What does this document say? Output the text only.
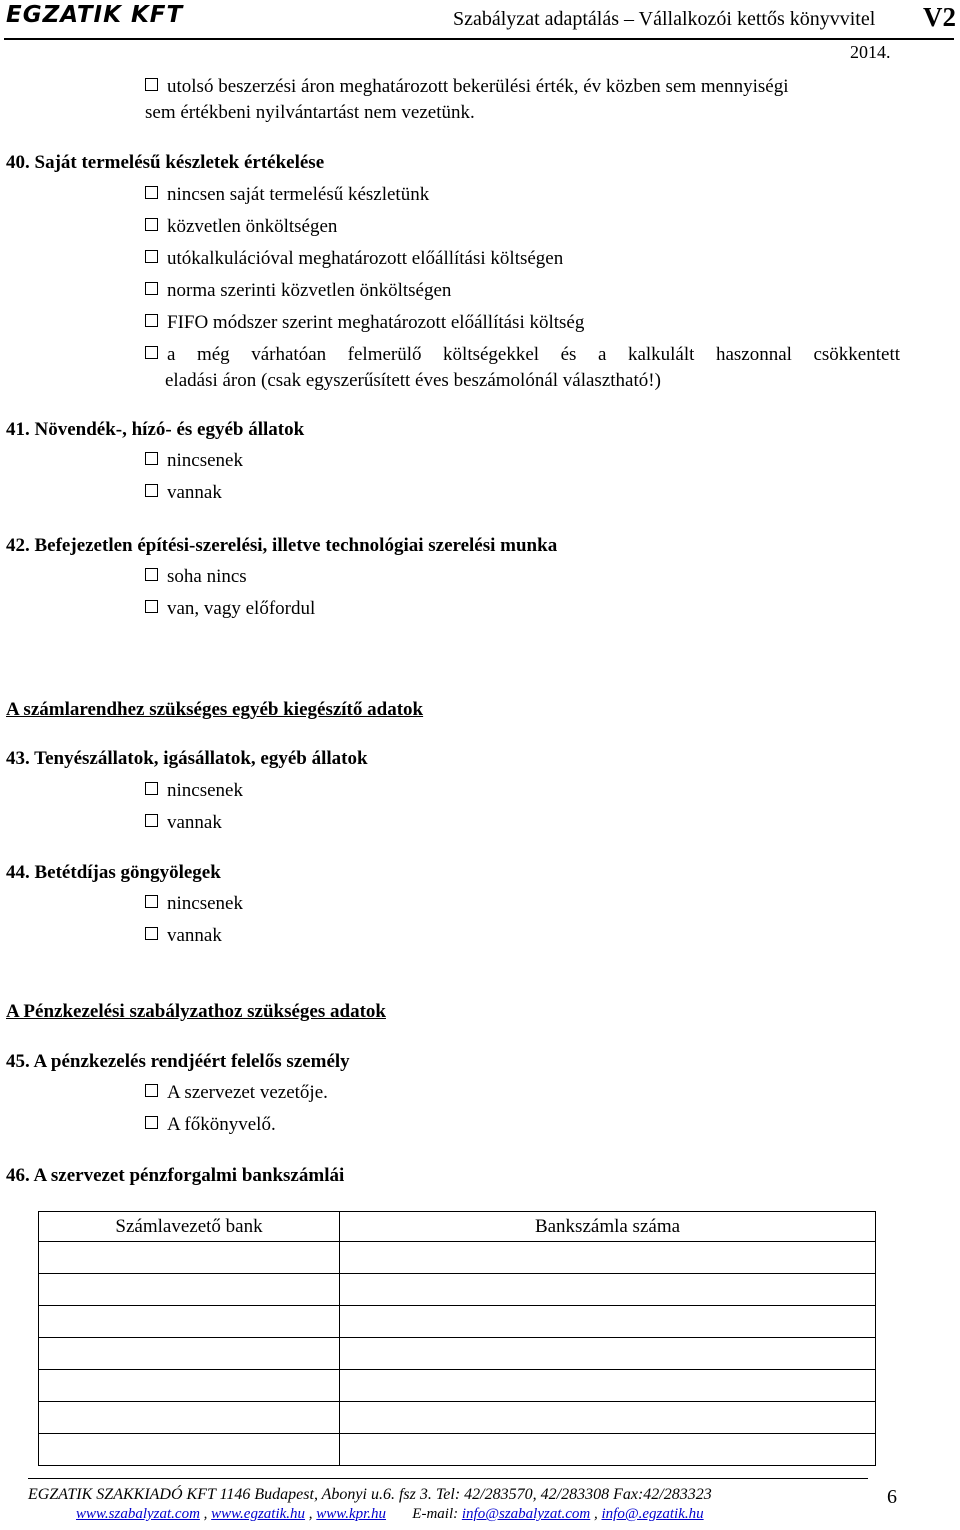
EGZATIK KFT	Szabályzat adaptálás – Vállalkozói kettős könyvvitel V2
2014.
utolsó beszerzési áron meghatározott bekerülési érték, év közben sem mennyiségi
sem értékbeni nyilvántartást nem vezetünk.
40. Saját termelésű készletek értékelése
nincsen saját termelésű készletünk
közvetlen önköltségen
utókalkulációval meghatározott előállítási költségen
norma szerinti közvetlen önköltségen
FIFO módszer szerint meghatározott előállítási költség
a még várhatóan felmerülő költségekkel és a kalkulált haszonnal csökkentett
eladási áron (csak egyszerűsített éves beszámolónál választható!)
41. Növendék-, hízó- és egyéb állatok
nincsenek
vannak
42. Befejezetlen építési-szerelési, illetve technológiai szerelési munka
soha nincs
van, vagy előfordul
A számlarendhez szükséges egyéb kiegészítő adatok
43. Tenyészállatok, igásállatok, egyéb állatok
nincsenek
vannak
44. Betétdíjas göngyölegek
nincsenek
vannak
A Pénzkezelési szabályzathoz szükséges adatok
45. A pénzkezelés rendjéért felelős személy
A szervezet vezetője.
A főkönyvelő.
46. A szervezet pénzforgalmi bankszámlái
Számlavezető bank	Bankszámla száma

EGZATIK SZAKKIADÓ KFT 1146 Budapest, Abonyi u.6. fsz 3. Tel: 42/283570, 42/283308 Fax:42/283323
www.szabalyzat.com , www.egzatik.hu , www.kpr.hu E-mail: info@szabalyzat.com , info@.egzatik.hu
6
